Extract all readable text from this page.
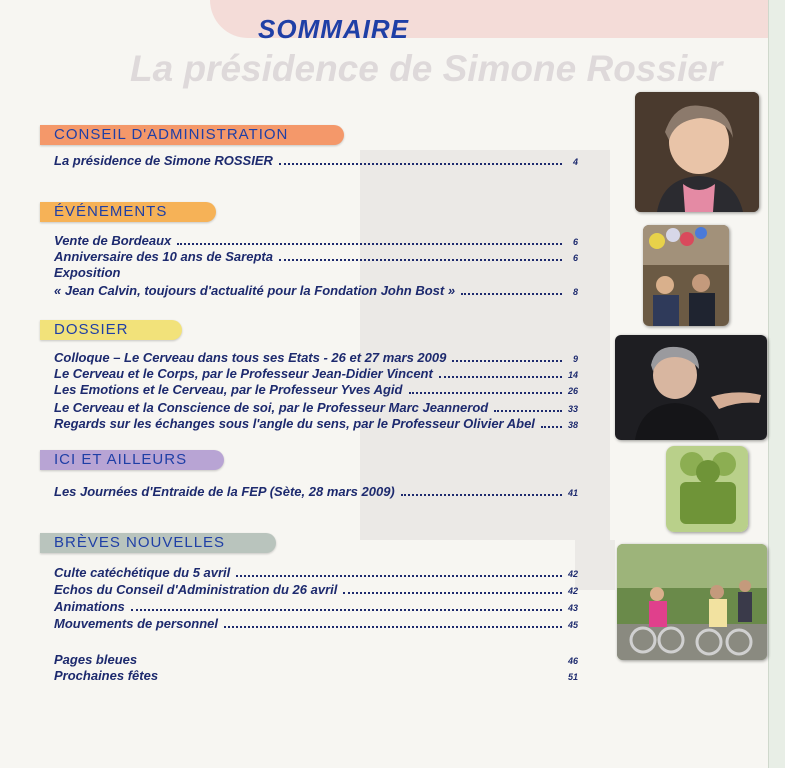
La présidence de Simone Rossier
SOMMAIRE
CONSEIL D'ADMINISTRATION
La présidence de Simone ROSSIER	4
ÉVÉNEMENTS
Vente de Bordeaux	6
Anniversaire des 10 ans de Sarepta	6
Exposition
« Jean Calvin, toujours d'actualité pour la Fondation John Bost »	8
DOSSIER
Colloque – Le Cerveau dans tous ses Etats - 26 et 27 mars 2009	9
Le Cerveau et le Corps, par le Professeur Jean-Didier Vincent	14
Les Emotions et le Cerveau, par le Professeur Yves Agid	26
Le Cerveau et la Conscience de soi, par le Professeur Marc Jeannerod	33
Regards sur les échanges sous l'angle du sens, par le Professeur Olivier Abel	38
ICI ET AILLEURS
Les Journées d'Entraide de la FEP (Sète, 28 mars 2009)	41
BRÈVES NOUVELLES
Culte catéchétique du 5 avril	42
Echos du Conseil d'Administration du 26 avril	42
Animations	43
Mouvements de personnel	45
Pages bleues	46
Prochaines fêtes	51
